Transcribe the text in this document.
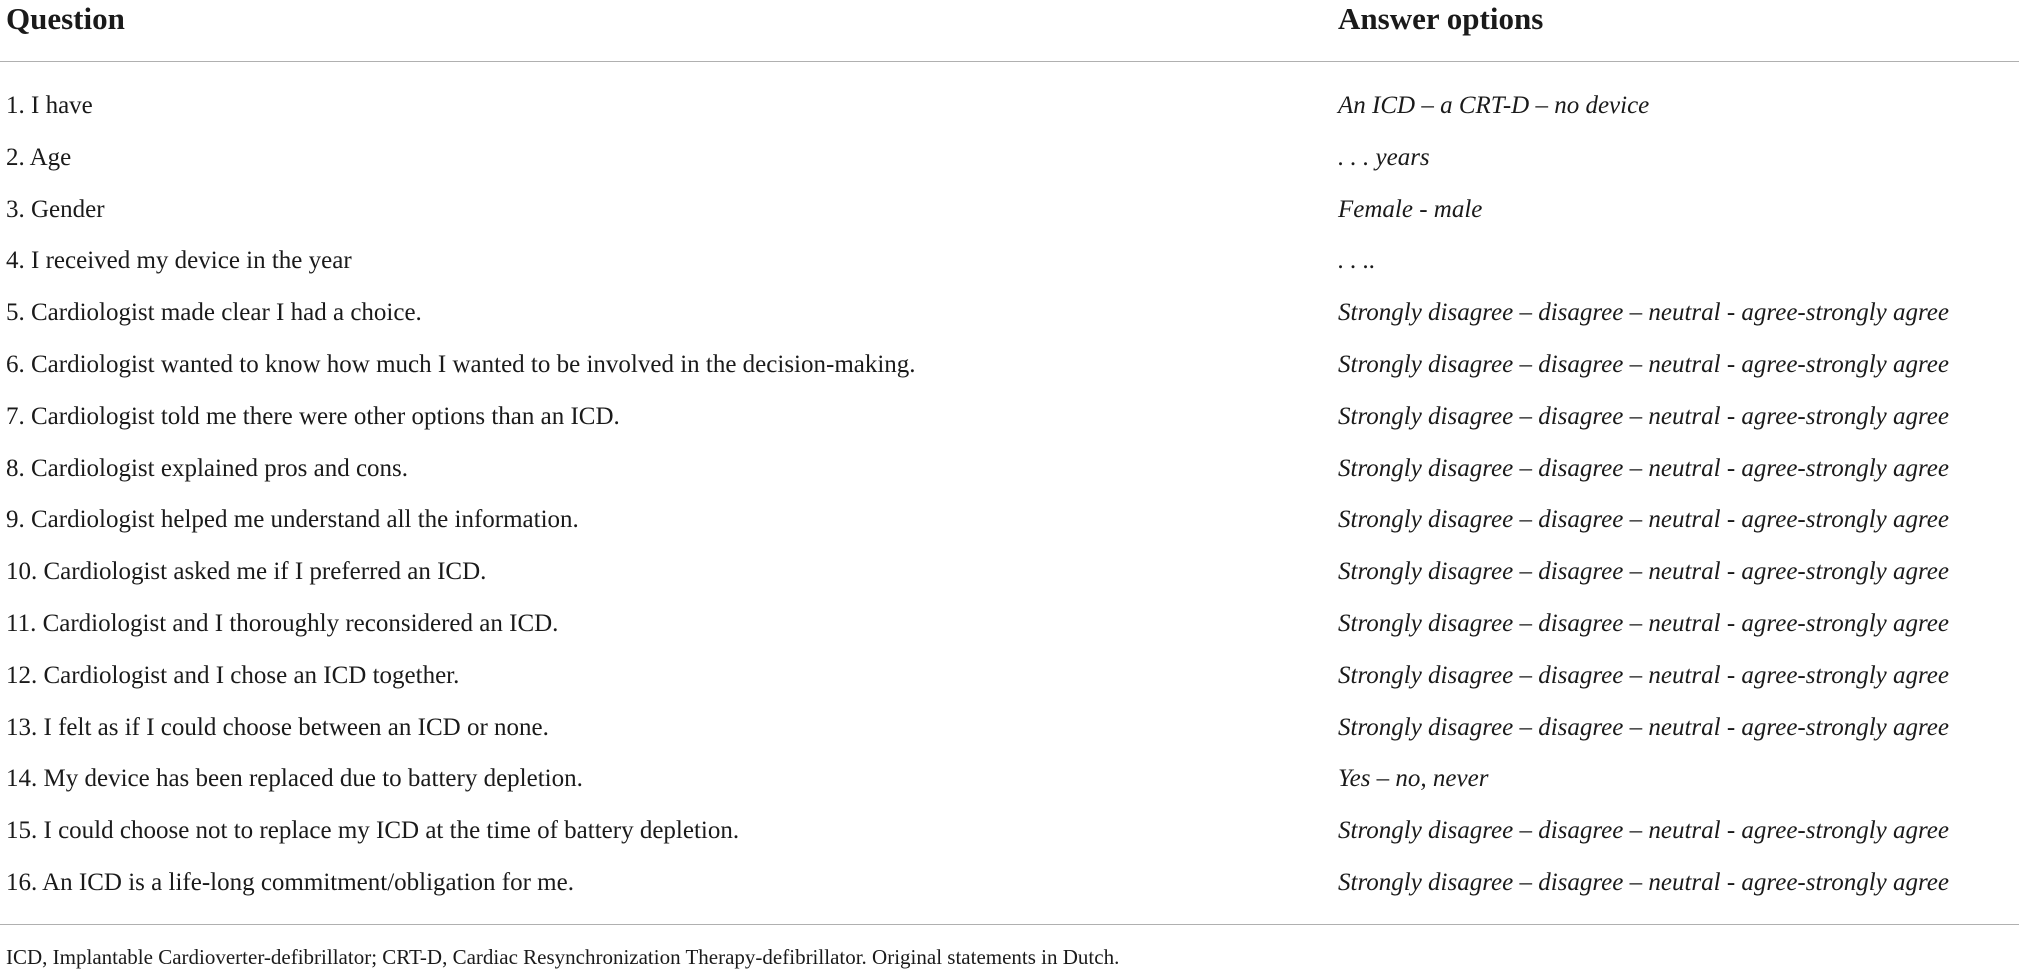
Question	Answer options
1. I have	An ICD – a CRT-D – no device
2. Age	. . . years
3. Gender	Female - male
4. I received my device in the year	. . ..
5. Cardiologist made clear I had a choice.	Strongly disagree – disagree – neutral - agree-strongly agree
6. Cardiologist wanted to know how much I wanted to be involved in the decision-making.	Strongly disagree – disagree – neutral - agree-strongly agree
7. Cardiologist told me there were other options than an ICD.	Strongly disagree – disagree – neutral - agree-strongly agree
8. Cardiologist explained pros and cons.	Strongly disagree – disagree – neutral - agree-strongly agree
9. Cardiologist helped me understand all the information.	Strongly disagree – disagree – neutral - agree-strongly agree
10. Cardiologist asked me if I preferred an ICD.	Strongly disagree – disagree – neutral - agree-strongly agree
11. Cardiologist and I thoroughly reconsidered an ICD.	Strongly disagree – disagree – neutral - agree-strongly agree
12. Cardiologist and I chose an ICD together.	Strongly disagree – disagree – neutral - agree-strongly agree
13. I felt as if I could choose between an ICD or none.	Strongly disagree – disagree – neutral - agree-strongly agree
14. My device has been replaced due to battery depletion.	Yes – no, never
15. I could choose not to replace my ICD at the time of battery depletion.	Strongly disagree – disagree – neutral - agree-strongly agree
16. An ICD is a life-long commitment/obligation for me.	Strongly disagree – disagree – neutral - agree-strongly agree
ICD, Implantable Cardioverter-defibrillator; CRT-D, Cardiac Resynchronization Therapy-defibrillator. Original statements in Dutch.
